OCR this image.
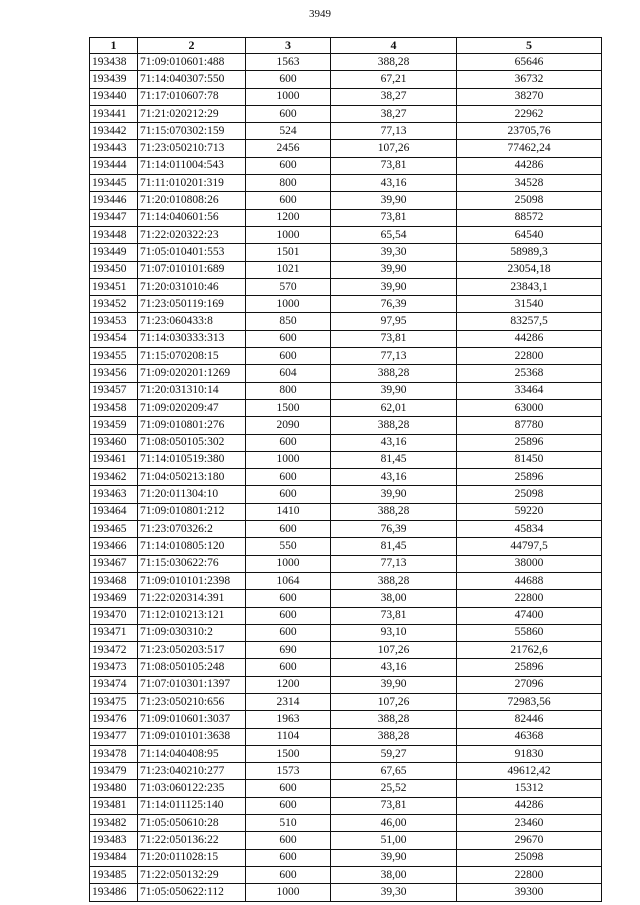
3949
1	2	3	4	5
193438	71:09:010601:488	1563	388,28	65646
193439	71:14:040307:550	600	67,21	36732
193440	71:17:010607:78	1000	38,27	38270
193441	71:21:020212:29	600	38,27	22962
193442	71:15:070302:159	524	77,13	23705,76
193443	71:23:050210:713	2456	107,26	77462,24
193444	71:14:011004:543	600	73,81	44286
193445	71:11:010201:319	800	43,16	34528
193446	71:20:010808:26	600	39,90	25098
193447	71:14:040601:56	1200	73,81	88572
193448	71:22:020322:23	1000	65,54	64540
193449	71:05:010401:553	1501	39,30	58989,3
193450	71:07:010101:689	1021	39,90	23054,18
193451	71:20:031010:46	570	39,90	23843,1
193452	71:23:050119:169	1000	76,39	31540
193453	71:23:060433:8	850	97,95	83257,5
193454	71:14:030333:313	600	73,81	44286
193455	71:15:070208:15	600	77,13	22800
193456	71:09:020201:1269	604	388,28	25368
193457	71:20:031310:14	800	39,90	33464
193458	71:09:020209:47	1500	62,01	63000
193459	71:09:010801:276	2090	388,28	87780
193460	71:08:050105:302	600	43,16	25896
193461	71:14:010519:380	1000	81,45	81450
193462	71:04:050213:180	600	43,16	25896
193463	71:20:011304:10	600	39,90	25098
193464	71:09:010801:212	1410	388,28	59220
193465	71:23:070326:2	600	76,39	45834
193466	71:14:010805:120	550	81,45	44797,5
193467	71:15:030622:76	1000	77,13	38000
193468	71:09:010101:2398	1064	388,28	44688
193469	71:22:020314:391	600	38,00	22800
193470	71:12:010213:121	600	73,81	47400
193471	71:09:030310:2	600	93,10	55860
193472	71:23:050203:517	690	107,26	21762,6
193473	71:08:050105:248	600	43,16	25896
193474	71:07:010301:1397	1200	39,90	27096
193475	71:23:050210:656	2314	107,26	72983,56
193476	71:09:010601:3037	1963	388,28	82446
193477	71:09:010101:3638	1104	388,28	46368
193478	71:14:040408:95	1500	59,27	91830
193479	71:23:040210:277	1573	67,65	49612,42
193480	71:03:060122:235	600	25,52	15312
193481	71:14:011125:140	600	73,81	44286
193482	71:05:050610:28	510	46,00	23460
193483	71:22:050136:22	600	51,00	29670
193484	71:20:011028:15	600	39,90	25098
193485	71:22:050132:29	600	38,00	22800
193486	71:05:050622:112	1000	39,30	39300
